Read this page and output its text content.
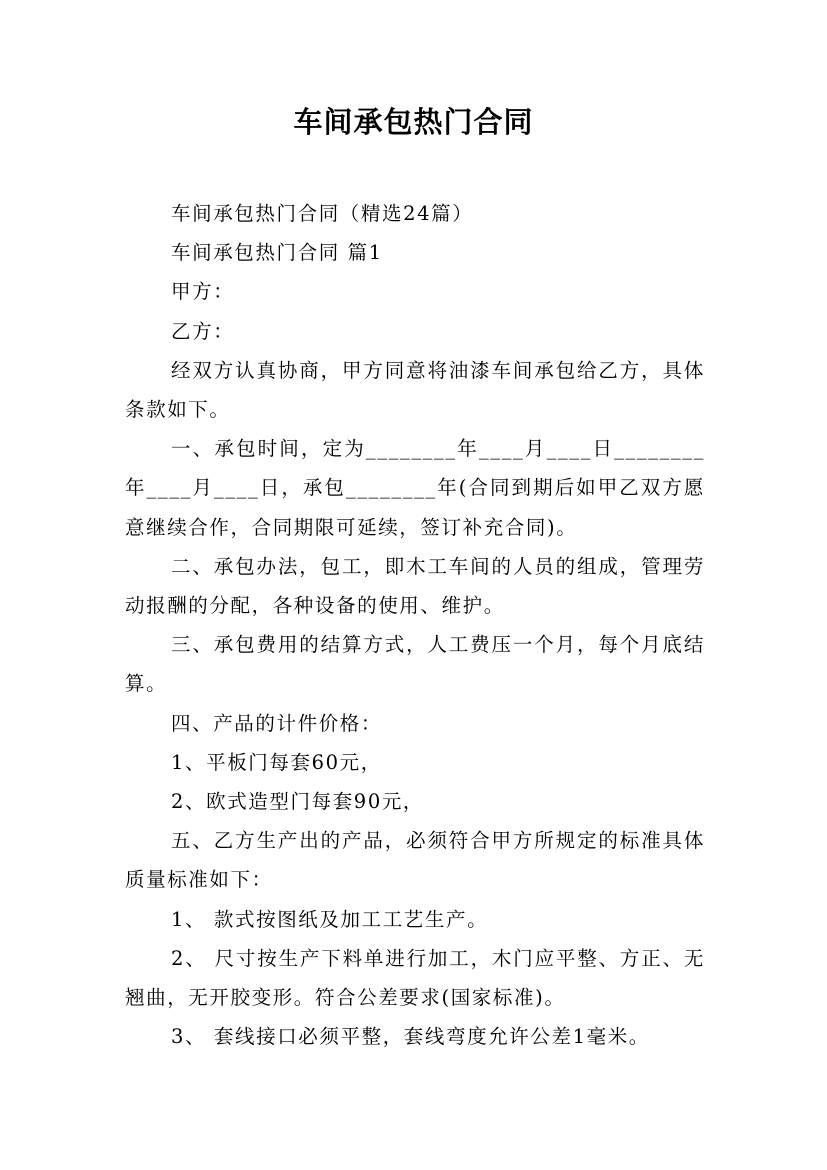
车间承包热门合同

车间承包热门合同（精选24篇）

车间承包热门合同 篇1

甲方：

乙方：

经双方认真协商，甲方同意将油漆车间承包给乙方，具体条款如下。

一、承包时间，定为________年____月____日________年____月____日，承包________年(合同到期后如甲乙双方愿意继续合作，合同期限可延续，签订补充合同)。

二、承包办法，包工，即木工车间的人员的组成，管理劳动报酬的分配，各种设备的使用、维护。

三、承包费用的结算方式，人工费压一个月，每个月底结算。

四、产品的计件价格：

1、平板门每套60元，

2、欧式造型门每套90元，

五、乙方生产出的产品，必须符合甲方所规定的标准具体质量标准如下：

1、 款式按图纸及加工工艺生产。

2、 尺寸按生产下料单进行加工，木门应平整、方正、无翘曲，无开胶变形。符合公差要求(国家标准)。

3、 套线接口必须平整，套线弯度允许公差1毫米。
